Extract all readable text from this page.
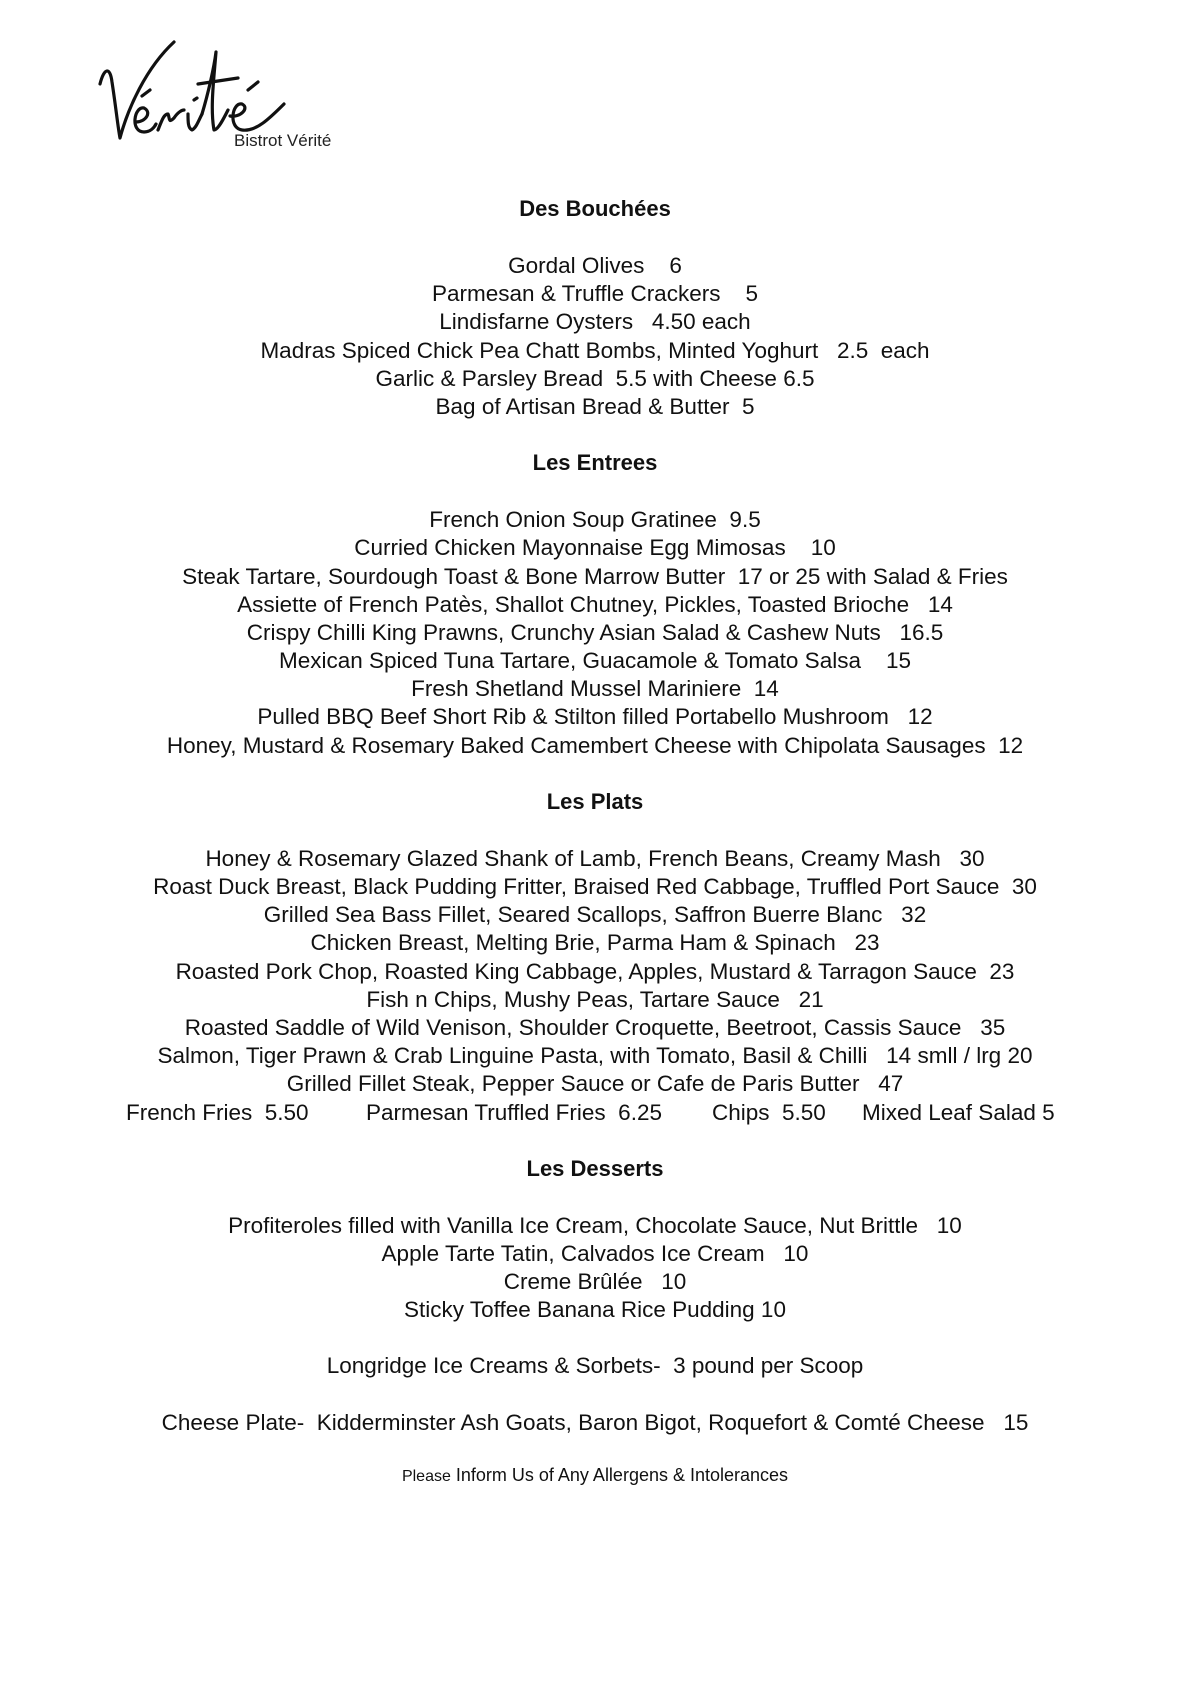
Bistrot Vérité
Des Bouchées
Gordal Olives    6
Parmesan & Truffle Crackers    5
Lindisfarne Oysters   4.50 each
Madras Spiced Chick Pea Chatt Bombs, Minted Yoghurt   2.5  each
Garlic & Parsley Bread  5.5 with Cheese 6.5
Bag of Artisan Bread & Butter  5
Les Entrees
French Onion Soup Gratinee  9.5
Curried Chicken Mayonnaise Egg Mimosas    10
Steak Tartare, Sourdough Toast & Bone Marrow Butter  17 or 25 with Salad & Fries
Assiette of French Patès, Shallot Chutney, Pickles, Toasted Brioche   14
Crispy Chilli King Prawns, Crunchy Asian Salad & Cashew Nuts   16.5
Mexican Spiced Tuna Tartare, Guacamole & Tomato Salsa    15
Fresh Shetland Mussel Mariniere  14
Pulled BBQ Beef Short Rib & Stilton filled Portabello Mushroom   12
Honey, Mustard & Rosemary Baked Camembert Cheese with Chipolata Sausages  12
Les Plats
Honey & Rosemary Glazed Shank of Lamb, French Beans, Creamy Mash   30
Roast Duck Breast, Black Pudding Fritter, Braised Red Cabbage, Truffled Port Sauce  30
Grilled Sea Bass Fillet, Seared Scallops, Saffron Buerre Blanc   32
Chicken Breast, Melting Brie, Parma Ham & Spinach   23
Roasted Pork Chop, Roasted King Cabbage, Apples, Mustard & Tarragon Sauce  23
Fish n Chips, Mushy Peas, Tartare Sauce   21
Roasted Saddle of Wild Venison, Shoulder Croquette, Beetroot, Cassis Sauce   35
Salmon, Tiger Prawn & Crab Linguine Pasta, with Tomato, Basil & Chilli   14 smll / lrg 20
Grilled Fillet Steak, Pepper Sauce or Cafe de Paris Butter   47
French Fries  5.50	Parmesan Truffled Fries  6.25 Chips  5.50 Mixed Leaf Salad 5
Les Desserts
Profiteroles filled with Vanilla Ice Cream, Chocolate Sauce, Nut Brittle   10
Apple Tarte Tatin, Calvados Ice Cream   10
Creme Brûlée   10
Sticky Toffee Banana Rice Pudding 10
Longridge Ice Creams & Sorbets-  3 pound per Scoop
Cheese Plate-  Kidderminster Ash Goats, Baron Bigot, Roquefort & Comté Cheese   15
Please Inform Us of Any Allergens & Intolerances
